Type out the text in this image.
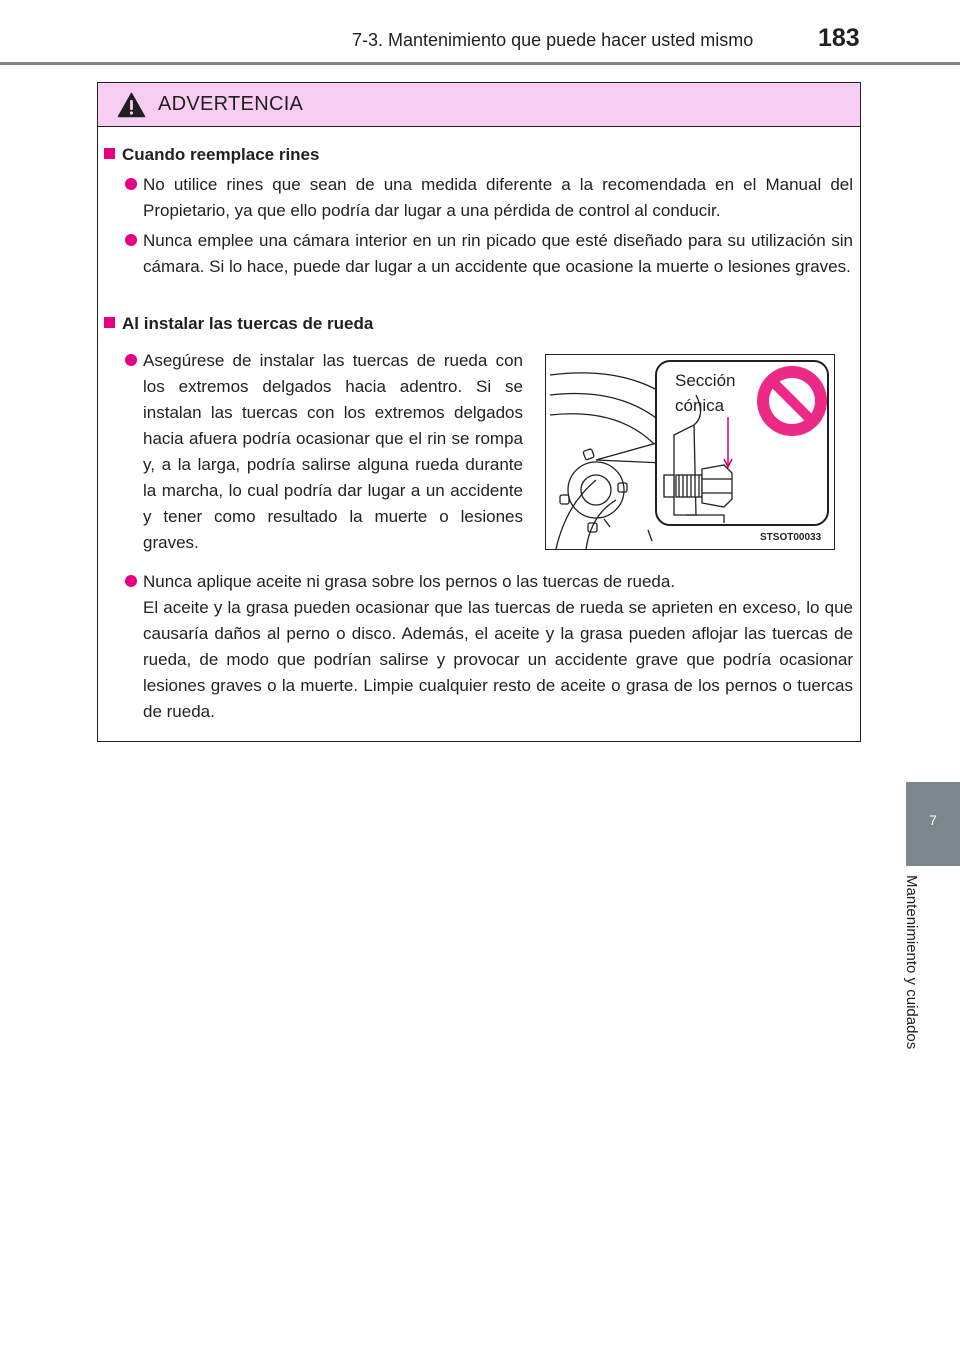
7-3. Mantenimiento que puede hacer usted mismo	183
ADVERTENCIA
Cuando reemplace rines
No utilice rines que sean de una medida diferente a la recomendada en el Manual del Propietario, ya que ello podría dar lugar a una pérdida de control al conducir.
Nunca emplee una cámara interior en un rin picado que esté diseñado para su utilización sin cámara. Si lo hace, puede dar lugar a un accidente que ocasione la muerte o lesiones graves.
Al instalar las tuercas de rueda
Asegúrese de instalar las tuercas de rueda con los extremos delgados hacia adentro. Si se instalan las tuercas con los extremos delgados hacia afuera podría ocasionar que el rin se rompa y, a la larga, podría salirse alguna rueda durante la marcha, lo cual podría dar lugar a un accidente y tener como resultado la muerte o lesiones graves.
Sección
cónica
STSOT00033
Nunca aplique aceite ni grasa sobre los pernos o las tuercas de rueda.
El aceite y la grasa pueden ocasionar que las tuercas de rueda se aprieten en exceso, lo que causaría daños al perno o disco. Además, el aceite y la grasa pueden aflojar las tuercas de rueda, de modo que podrían salirse y provocar un accidente grave que podría ocasionar lesiones graves o la muerte. Limpie cualquier resto de aceite o grasa de los pernos o tuercas de rueda.
7
Mantenimiento y cuidados
